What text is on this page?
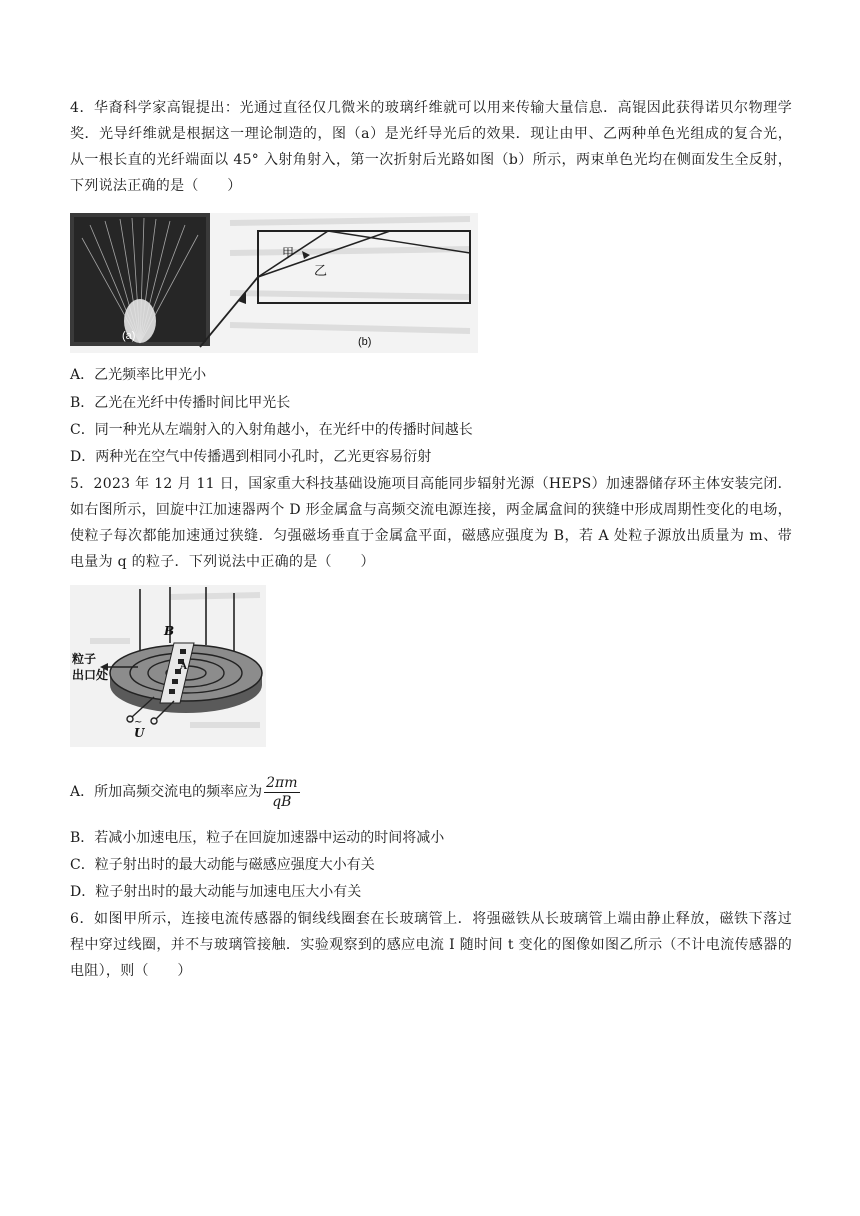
4．华裔科学家高锟提出：光通过直径仅几微米的玻璃纤维就可以用来传输大量信息．高锟因此获得诺贝尔物理学奖．光导纤维就是根据这一理论制造的，图（a）是光纤导光后的效果．现让由甲、乙两种单色光组成的复合光，从一根长直的光纤端面以 45° 入射角射入，第一次折射后光路如图（b）所示，两束单色光均在侧面发生全反射，下列说法正确的是（　　）
(a)
甲
乙
(b)
A．乙光频率比甲光小
B．乙光在光纤中传播时间比甲光长
C．同一种光从左端射入的入射角越小，在光纤中的传播时间越长
D．两种光在空气中传播遇到相同小孔时，乙光更容易衍射
5．2023 年 12 月 11 日，国家重大科技基础设施项目高能同步辐射光源（HEPS）加速器储存环主体安装完闭．如右图所示，回旋中江加速器两个 D 形金属盒与高频交流电源连接，两金属盒间的狭缝中形成周期性变化的电场，使粒子每次都能加速通过狭缝．匀强磁场垂直于金属盒平面，磁感应强度为 B，若 A 处粒子源放出质量为 m、带电量为 q 的粒子．下列说法中正确的是（　　）
B
A
粒子
出口处
U
~
A．所加高频交流电的频率应为 $\frac{2\pi m}{qB}$
B．若减小加速电压，粒子在回旋加速器中运动的时间将减小
C．粒子射出时的最大动能与磁感应强度大小有关
D．粒子射出时的最大动能与加速电压大小有关
6．如图甲所示，连接电流传感器的铜线线圈套在长玻璃管上．将强磁铁从长玻璃管上端由静止释放，磁铁下落过程中穿过线圈，并不与玻璃管接触．实验观察到的感应电流 I 随时间 t 变化的图像如图乙所示（不计电流传感器的电阻），则（　　）
